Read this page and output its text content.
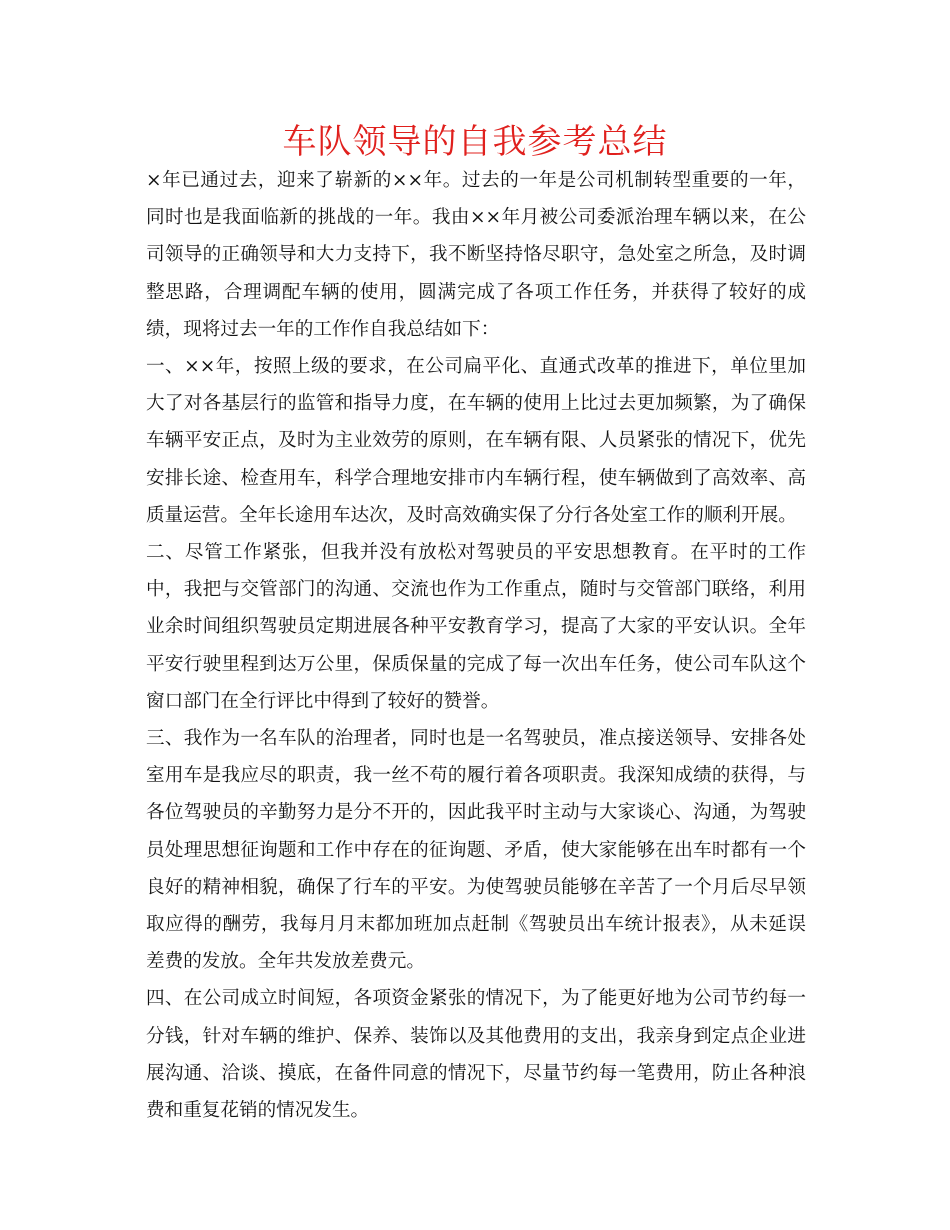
车队领导的自我参考总结

×年已通过去，迎来了崭新的××年。过去的一年是公司机制转型重要的一年，同时也是我面临新的挑战的一年。我由××年月被公司委派治理车辆以来，在公司领导的正确领导和大力支持下，我不断坚持恪尽职守，急处室之所急，及时调整思路，合理调配车辆的使用，圆满完成了各项工作任务，并获得了较好的成绩，现将过去一年的工作作自我总结如下：

一、××年，按照上级的要求，在公司扁平化、直通式改革的推进下，单位里加大了对各基层行的监管和指导力度，在车辆的使用上比过去更加频繁，为了确保车辆平安正点，及时为主业效劳的原则，在车辆有限、人员紧张的情况下，优先安排长途、检查用车，科学合理地安排市内车辆行程，使车辆做到了高效率、高质量运营。全年长途用车达次，及时高效确实保了分行各处室工作的顺利开展。

二、尽管工作紧张，但我并没有放松对驾驶员的平安思想教育。在平时的工作中，我把与交管部门的沟通、交流也作为工作重点，随时与交管部门联络，利用业余时间组织驾驶员定期进展各种平安教育学习，提高了大家的平安认识。全年平安行驶里程到达万公里，保质保量的完成了每一次出车任务，使公司车队这个窗口部门在全行评比中得到了较好的赞誉。

三、我作为一名车队的治理者，同时也是一名驾驶员，准点接送领导、安排各处室用车是我应尽的职责，我一丝不苟的履行着各项职责。我深知成绩的获得，与各位驾驶员的辛勤努力是分不开的，因此我平时主动与大家谈心、沟通，为驾驶员处理思想征询题和工作中存在的征询题、矛盾，使大家能够在出车时都有一个良好的精神相貌，确保了行车的平安。为使驾驶员能够在辛苦了一个月后尽早领取应得的酬劳，我每月月末都加班加点赶制《驾驶员出车统计报表》，从未延误差费的发放。全年共发放差费元。

四、在公司成立时间短，各项资金紧张的情况下，为了能更好地为公司节约每一分钱，针对车辆的维护、保养、装饰以及其他费用的支出，我亲身到定点企业进展沟通、洽谈、摸底，在备件同意的情况下，尽量节约每一笔费用，防止各种浪费和重复花销的情况发生。
